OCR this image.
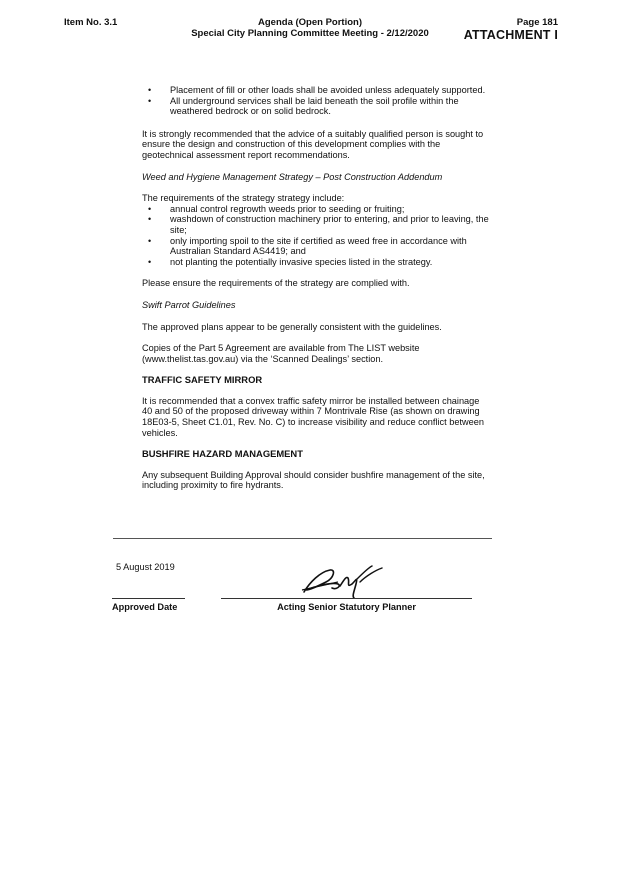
Item No. 3.1	Agenda (Open Portion)
Special City Planning Committee Meeting - 2/12/2020
Page 181
ATTACHMENT I
• Placement of fill or other loads shall be avoided unless adequately supported.
• All underground services shall be laid beneath the soil profile within the weathered bedrock or on solid bedrock.

It is strongly recommended that the advice of a suitably qualified person is sought to ensure the design and construction of this development complies with the geotechnical assessment report recommendations.

Weed and Hygiene Management Strategy – Post Construction Addendum

The requirements of the strategy strategy include:

• annual control regrowth weeds prior to seeding or fruiting;
• washdown of construction machinery prior to entering, and prior to leaving, the site;
• only importing spoil to the site if certified as weed free in accordance with Australian Standard AS4419; and
• not planting the potentially invasive species listed in the strategy.

Please ensure the requirements of the strategy are complied with.

Swift Parrot Guidelines

The approved plans appear to be generally consistent with the guidelines.

Copies of the Part 5 Agreement are available from The LIST website (www.thelist.tas.gov.au) via the ‘Scanned Dealings’ section.

TRAFFIC SAFETY MIRROR

It is recommended that a convex traffic safety mirror be installed between chainage 40 and 50 of the proposed driveway within 7 Montrivale Rise (as shown on drawing 18E03-5, Sheet C1.01, Rev. No. C) to increase visibility and reduce conflict between vehicles.

BUSHFIRE HAZARD MANAGEMENT

Any subsequent Building Approval should consider bushfire management of the site, including proximity to fire hydrants.

5 August 2019
Approved Date	Acting Senior Statutory Planner
